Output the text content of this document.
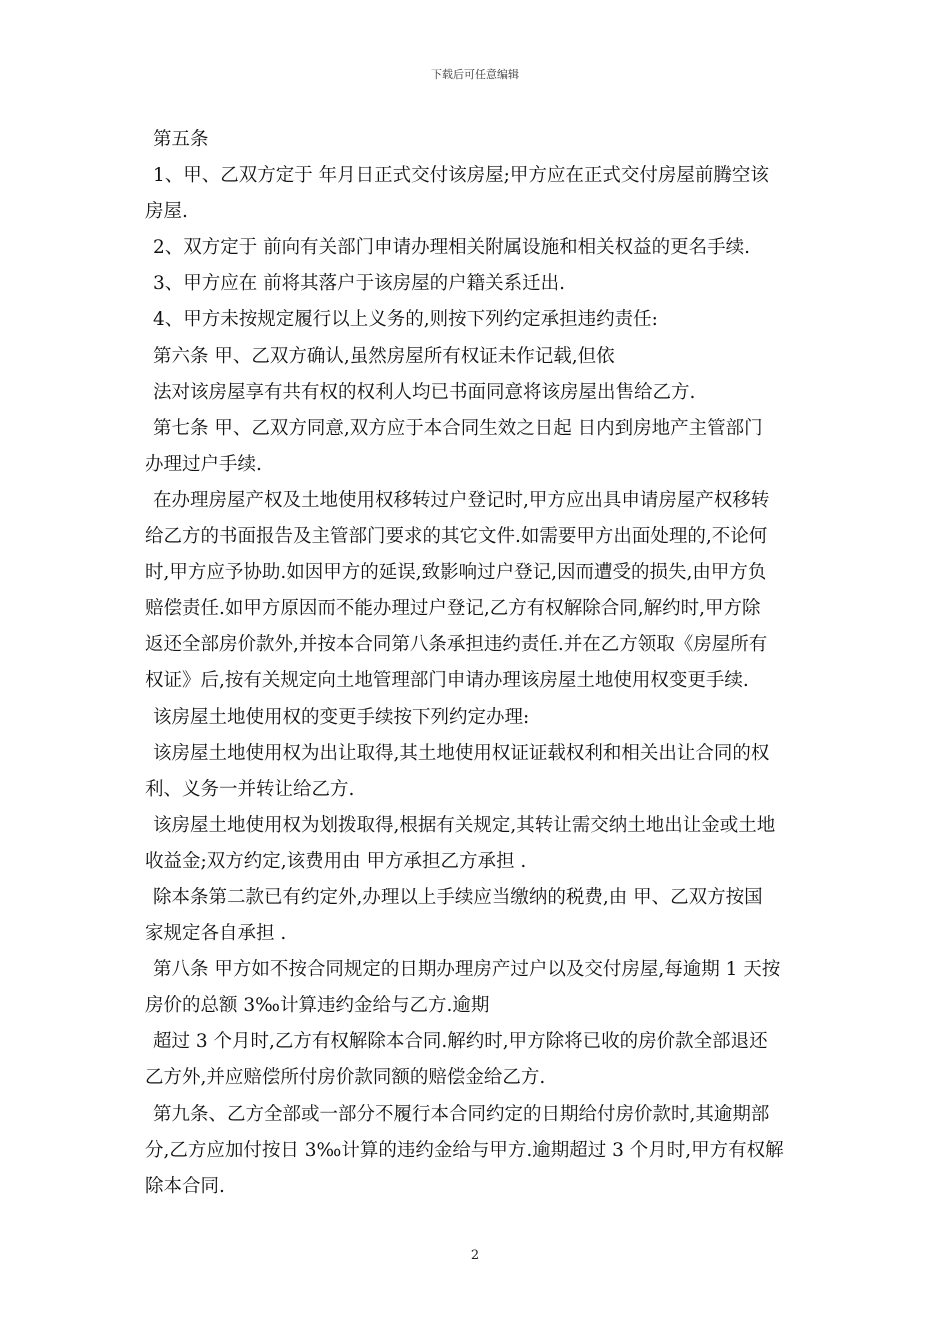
下载后可任意编辑
第五条
1、甲、乙双方定于 年月日正式交付该房屋;甲方应在正式交付房屋前腾空该
房屋.
2、双方定于 前向有关部门申请办理相关附属设施和相关权益的更名手续.
3、甲方应在 前将其落户于该房屋的户籍关系迁出.
4、甲方未按规定履行以上义务的,则按下列约定承担违约责任:
第六条 甲、乙双方确认,虽然房屋所有权证未作记载,但依
法对该房屋享有共有权的权利人均已书面同意将该房屋出售给乙方.
第七条 甲、乙双方同意,双方应于本合同生效之日起 日内到房地产主管部门
办理过户手续.
在办理房屋产权及土地使用权移转过户登记时,甲方应出具申请房屋产权移转
给乙方的书面报告及主管部门要求的其它文件.如需要甲方出面处理的,不论何
时,甲方应予协助.如因甲方的延误,致影响过户登记,因而遭受的损失,由甲方负
赔偿责任.如甲方原因而不能办理过户登记,乙方有权解除合同,解约时,甲方除
返还全部房价款外,并按本合同第八条承担违约责任.并在乙方领取《房屋所有
权证》后,按有关规定向土地管理部门申请办理该房屋土地使用权变更手续.
该房屋土地使用权的变更手续按下列约定办理:
该房屋土地使用权为出让取得,其土地使用权证证载权利和相关出让合同的权
利、义务一并转让给乙方.
该房屋土地使用权为划拨取得,根据有关规定,其转让需交纳土地出让金或土地
收益金;双方约定,该费用由 甲方承担乙方承担 .
除本条第二款已有约定外,办理以上手续应当缴纳的税费,由 甲、乙双方按国
家规定各自承担 .
第八条 甲方如不按合同规定的日期办理房产过户以及交付房屋,每逾期 1 天按
房价的总额 3‰计算违约金给与乙方.逾期
超过 3 个月时,乙方有权解除本合同.解约时,甲方除将已收的房价款全部退还
乙方外,并应赔偿所付房价款同额的赔偿金给乙方.
第九条、乙方全部或一部分不履行本合同约定的日期给付房价款时,其逾期部
分,乙方应加付按日 3‰计算的违约金给与甲方.逾期超过 3 个月时,甲方有权解
除本合同.
2
